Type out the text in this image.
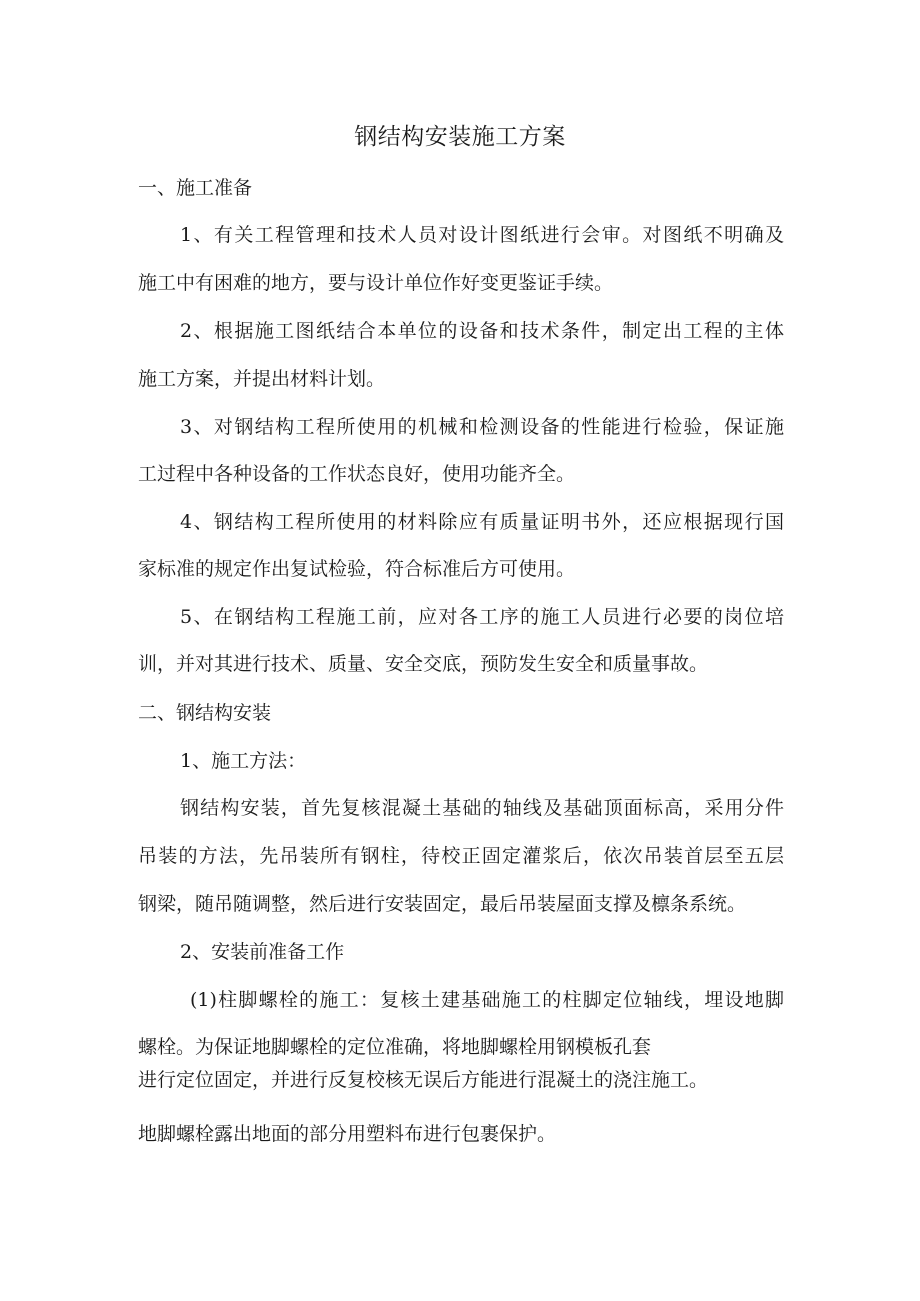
钢结构安装施工方案
一、施工准备
1、有关工程管理和技术人员对设计图纸进行会审。对图纸不明确及
施工中有困难的地方，要与设计单位作好变更鉴证手续。
2、根据施工图纸结合本单位的设备和技术条件，制定出工程的主体
施工方案，并提出材料计划。
3、对钢结构工程所使用的机械和检测设备的性能进行检验，保证施
工过程中各种设备的工作状态良好，使用功能齐全。
4、钢结构工程所使用的材料除应有质量证明书外，还应根据现行国
家标准的规定作出复试检验，符合标准后方可使用。
5、在钢结构工程施工前，应对各工序的施工人员进行必要的岗位培
训，并对其进行技术、质量、安全交底，预防发生安全和质量事故。
二、钢结构安装
1、施工方法：
钢结构安装，首先复核混凝土基础的轴线及基础顶面标高，采用分件
吊装的方法，先吊装所有钢柱，待校正固定灌浆后，依次吊装首层至五层
钢梁，随吊随调整，然后进行安装固定，最后吊装屋面支撑及檩条系统。
2、安装前准备工作
(1)柱脚螺栓的施工：复核土建基础施工的柱脚定位轴线，埋设地脚
螺栓。为保证地脚螺栓的定位准确，将地脚螺栓用钢模板孔套
进行定位固定，并进行反复校核无误后方能进行混凝土的浇注施工。
地脚螺栓露出地面的部分用塑料布进行包裹保护。
